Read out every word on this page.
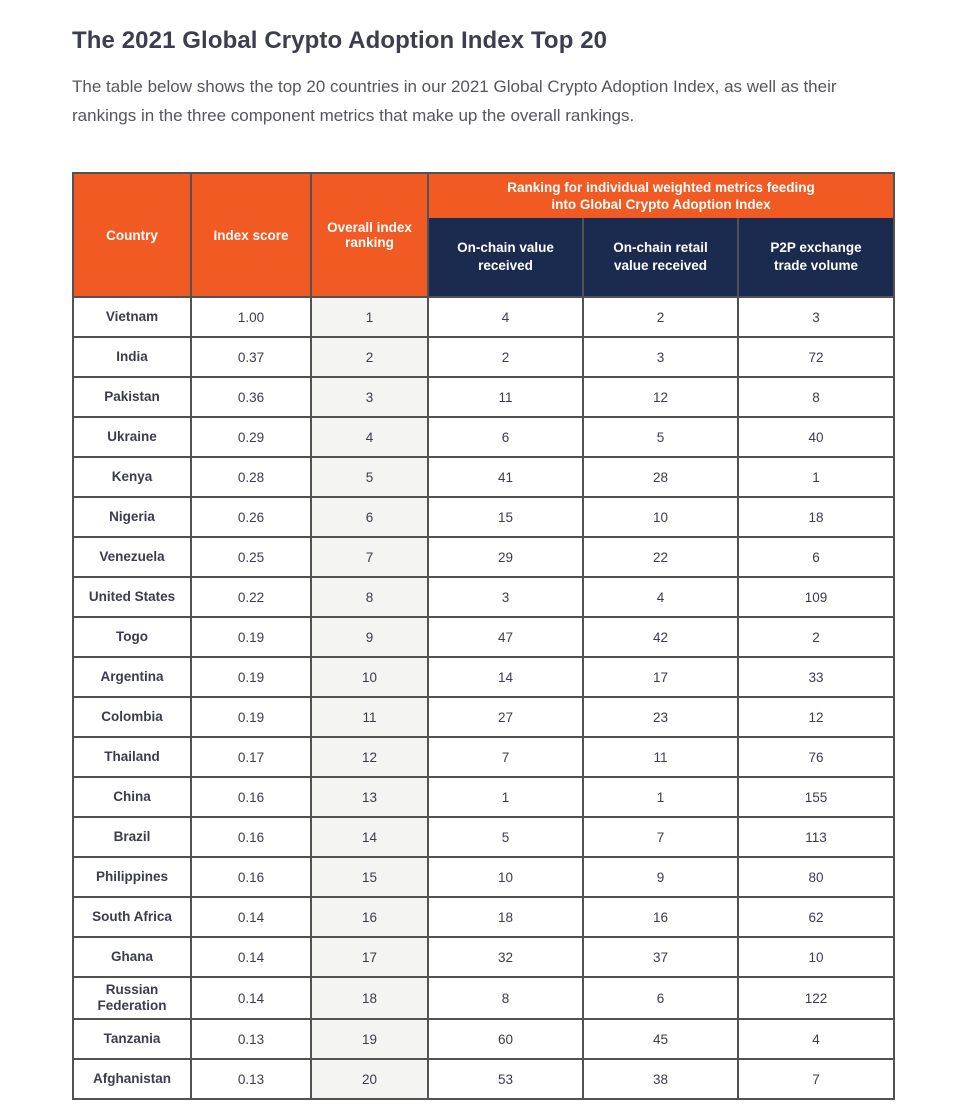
The 2021 Global Crypto Adoption Index Top 20

The table below shows the top 20 countries in our 2021 Global Crypto Adoption Index, as well as their rankings in the three component metrics that make up the overall rankings.

Country	Index score	Overall index ranking	Ranking for individual weighted metrics feeding
into Global Crypto Adoption Index		

			On-chain value received	On-chain retail value received	P2P exchange trade volume
Vietnam	1.00	1	4	2	3
India	0.37	2	2	3	72
Pakistan	0.36	3	11	12	8
Ukraine	0.29	4	6	5	40
Kenya	0.28	5	41	28	1
Nigeria	0.26	6	15	10	18
Venezuela	0.25	7	29	22	6
United States	0.22	8	3	4	109
Togo	0.19	9	47	42	2
Argentina	0.19	10	14	17	33
Colombia	0.19	11	27	23	12
Thailand	0.17	12	7	11	76
China	0.16	13	1	1	155
Brazil	0.16	14	5	7	113
Philippines	0.16	15	10	9	80
South Africa	0.14	16	18	16	62
Ghana	0.14	17	32	37	10
Russian Federation	0.14	18	8	6	122
Tanzania	0.13	19	60	45	4
Afghanistan	0.13	20	53	38	7
